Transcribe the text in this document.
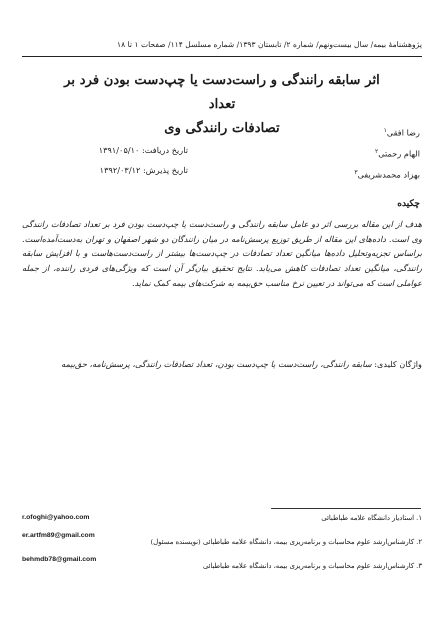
پژوهشنامهٔ بیمه/ سال بیست‌ونهم/ شماره ۲/ تابستان ۱۳۹۳/ شماره مسلسل ۱۱۴/ صفحات ۱ تا ۱۸
اثر سابقه رانندگی و راست‌دست یا چپ‌دست بودن فرد بر تعداد
تصادفات رانندگی وی	رضا افقی$^۱$
الهام رحمتی$^۲$
بهزاد محمدشریفی$^۳$
تاریخ دریافت: ۱۳۹۱/۰۵/۱۰
تاریخ پذیرش: ۱۳۹۲/۰۳/۱۲
چکیده
هدف از این مقاله بررسی اثر دو عامل سابقه رانندگی و راست‌دست یا چپ‌دست بودن فرد بر تعداد تصادفات رانندگی وی است. داده‌های این مقاله از طریق توزیع پرسش‌نامه در میان رانندگان دو شهر اصفهان و تهران به‌دست‌آمده‌است. براساس تجزیه‌وتحلیل داده‌ها میانگین تعداد تصادفات در چپ‌دست‌ها بیشتر از راست‌دست‌هاست و با افزایش سابقه رانندگی، میانگین تعداد تصادفات کاهش می‌یابد. نتایج تحقیق بیان‌گر آن است که ویژگی‌های فردی راننده، از جمله عواملی است که می‌تواند در تعیین نرخ مناسب حق‌بیمه به شرکت‌های بیمه کمک نماید.
واژگان کلیدی: سابقه رانندگی، راست‌دست یا چپ‌دست بودن، تعداد تصادفات رانندگی، پرسش‌نامه، حق‌بیمه
۱. استادیار دانشگاه علامه طباطبائی
r.ofoghi@yahoo.com
۲. کارشناس‌ارشد علوم محاسبات و برنامه‌ریزی بیمه، دانشگاه علامه طباطبائی (نویسنده مسئول)
er.artfm89@gmail.com
۳. کارشناس‌ارشد علوم محاسبات و برنامه‌ریزی بیمه، دانشگاه علامه طباطبائی
behmdb78@gmail.com
